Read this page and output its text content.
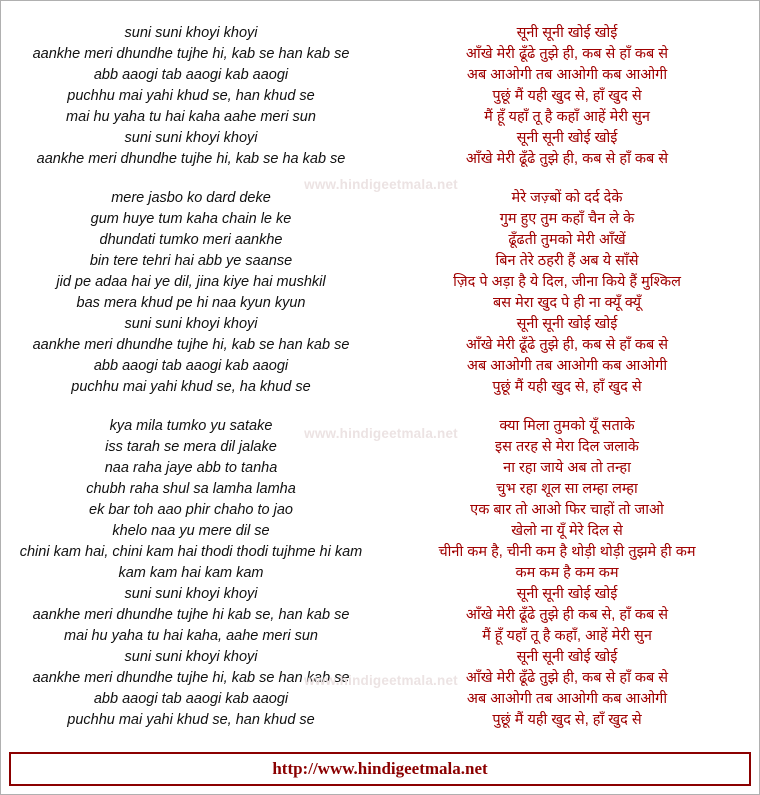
suni suni khoyi khoyi	सूनी सूनी खोई खोई
aankhe meri dhundhe tujhe hi, kab se han kab se	आँखे मेरी ढूँढे तुझे ही, कब से हाँ कब से
abb aaogi tab aaogi kab aaogi	अब आओगी तब आओगी कब आओगी
puchhu mai yahi khud se, han khud se	पुछूं मैं यही खुद से, हाँ खुद से
mai hu yaha tu hai kaha aahe meri sun	मैं हूँ यहाँ तू है कहाँ आहें मेरी सुन
suni suni khoyi khoyi	सूनी सूनी खोई खोई
aankhe meri dhundhe tujhe hi, kab se ha kab se	आँखे मेरी ढूँढे तुझे ही, कब से हाँ कब से
mere jasbo ko dard deke	मेरे जज़्बों को दर्द देके
gum huye tum kaha chain le ke	गुम हुए तुम कहाँ चैन ले के
dhundati tumko meri aankhe	ढूँढती तुमको मेरी आँखें
bin tere tehri hai abb ye saanse	बिन तेरे ठहरी हैं अब ये साँसे
jid pe adaa hai ye dil, jina kiye hai mushkil	ज़िद पे अड़ा है ये दिल, जीना किये हैं मुश्किल
bas mera khud pe hi naa kyun kyun	बस मेरा खुद पे ही ना क्यूँ क्यूँ
suni suni khoyi khoyi	सूनी सूनी खोई खोई
aankhe meri dhundhe tujhe hi, kab se han kab se	आँखे मेरी ढूँढे तुझे ही, कब से हाँ कब से
abb aaogi tab aaogi kab aaogi	अब आओगी तब आओगी कब आओगी
puchhu mai yahi khud se, ha khud se	पुछूं मैं यही खुद से, हाँ खुद से
kya mila tumko yu satake	क्या मिला तुमको यूँ सताके
iss tarah se mera dil jalake	इस तरह से मेरा दिल जलाके
naa raha jaye abb to tanha	ना रहा जाये अब तो तन्हा
chubh raha shul sa lamha lamha	चुभ रहा शूल सा लम्हा लम्हा
ek bar toh aao phir chaho to jao	एक बार तो आओ फिर चाहों तो जाओ
khelo naa yu mere dil se	खेलो ना यूँ मेरे दिल से
chini kam hai, chini kam hai thodi thodi tujhme hi kam	चीनी कम है, चीनी कम है थोड़ी थोड़ी तुझमे ही कम
kam kam hai kam kam	कम कम है कम कम
suni suni khoyi khoyi	सूनी सूनी खोई खोई
aankhe meri dhundhe tujhe hi kab se, han kab se	आँखे मेरी ढूँढे तुझे ही कब से, हाँ कब से
mai hu yaha tu hai kaha, aahe meri sun	मैं हूँ यहाँ तू है कहाँ, आहें मेरी सुन
suni suni khoyi khoyi	सूनी सूनी खोई खोई
aankhe meri dhundhe tujhe hi, kab se han kab se	आँखे मेरी ढूँढे तुझे ही, कब से हाँ कब से
abb aaogi tab aaogi kab aaogi	अब आओगी तब आओगी कब आओगी
puchhu mai yahi khud se, han khud se	पुछूं मैं यही खुद से, हाँ खुद से
www.hindigeetmala.net
www.hindigeetmala.net
www.hindigeetmala.net
http://www.hindigeetmala.net
